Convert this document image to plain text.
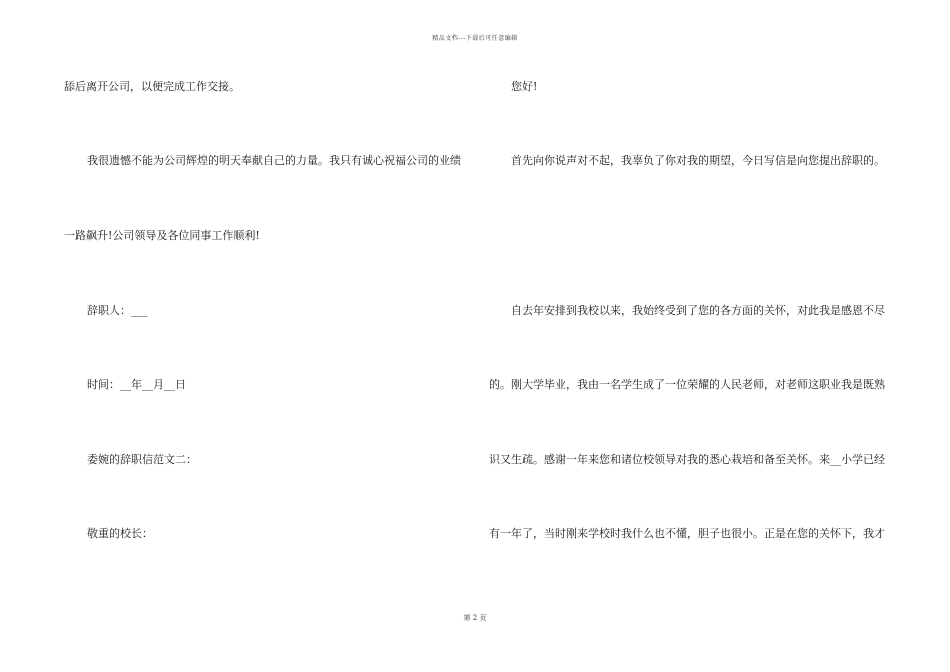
精品文档---下载后可任意编辑
舔后离开公司，以便完成工作交接。
我很遗憾不能为公司辉煌的明天奉献自己的力量。我只有诚心祝福公司的业绩
一路飙升!公司领导及各位同事工作顺利!
辞职人：___
时间：__年__月__日
委婉的辞职信范文二：
敬重的校长：
您好!
首先向你说声对不起，我辜负了你对我的期望，今日写信是向您提出辞职的。
自去年安排到我校以来，我始终受到了您的各方面的关怀，对此我是感恩不尽
的。刚大学毕业，我由一名学生成了一位荣耀的人民老师，对老师这职业我是既熟
识又生疏。感谢一年来您和诸位校领导对我的悉心栽培和备至关怀。来__小学已经
有一年了，当时刚来学校时我什么也不懂，胆子也很小。正是在您的关怀下，我才
第 2 页
